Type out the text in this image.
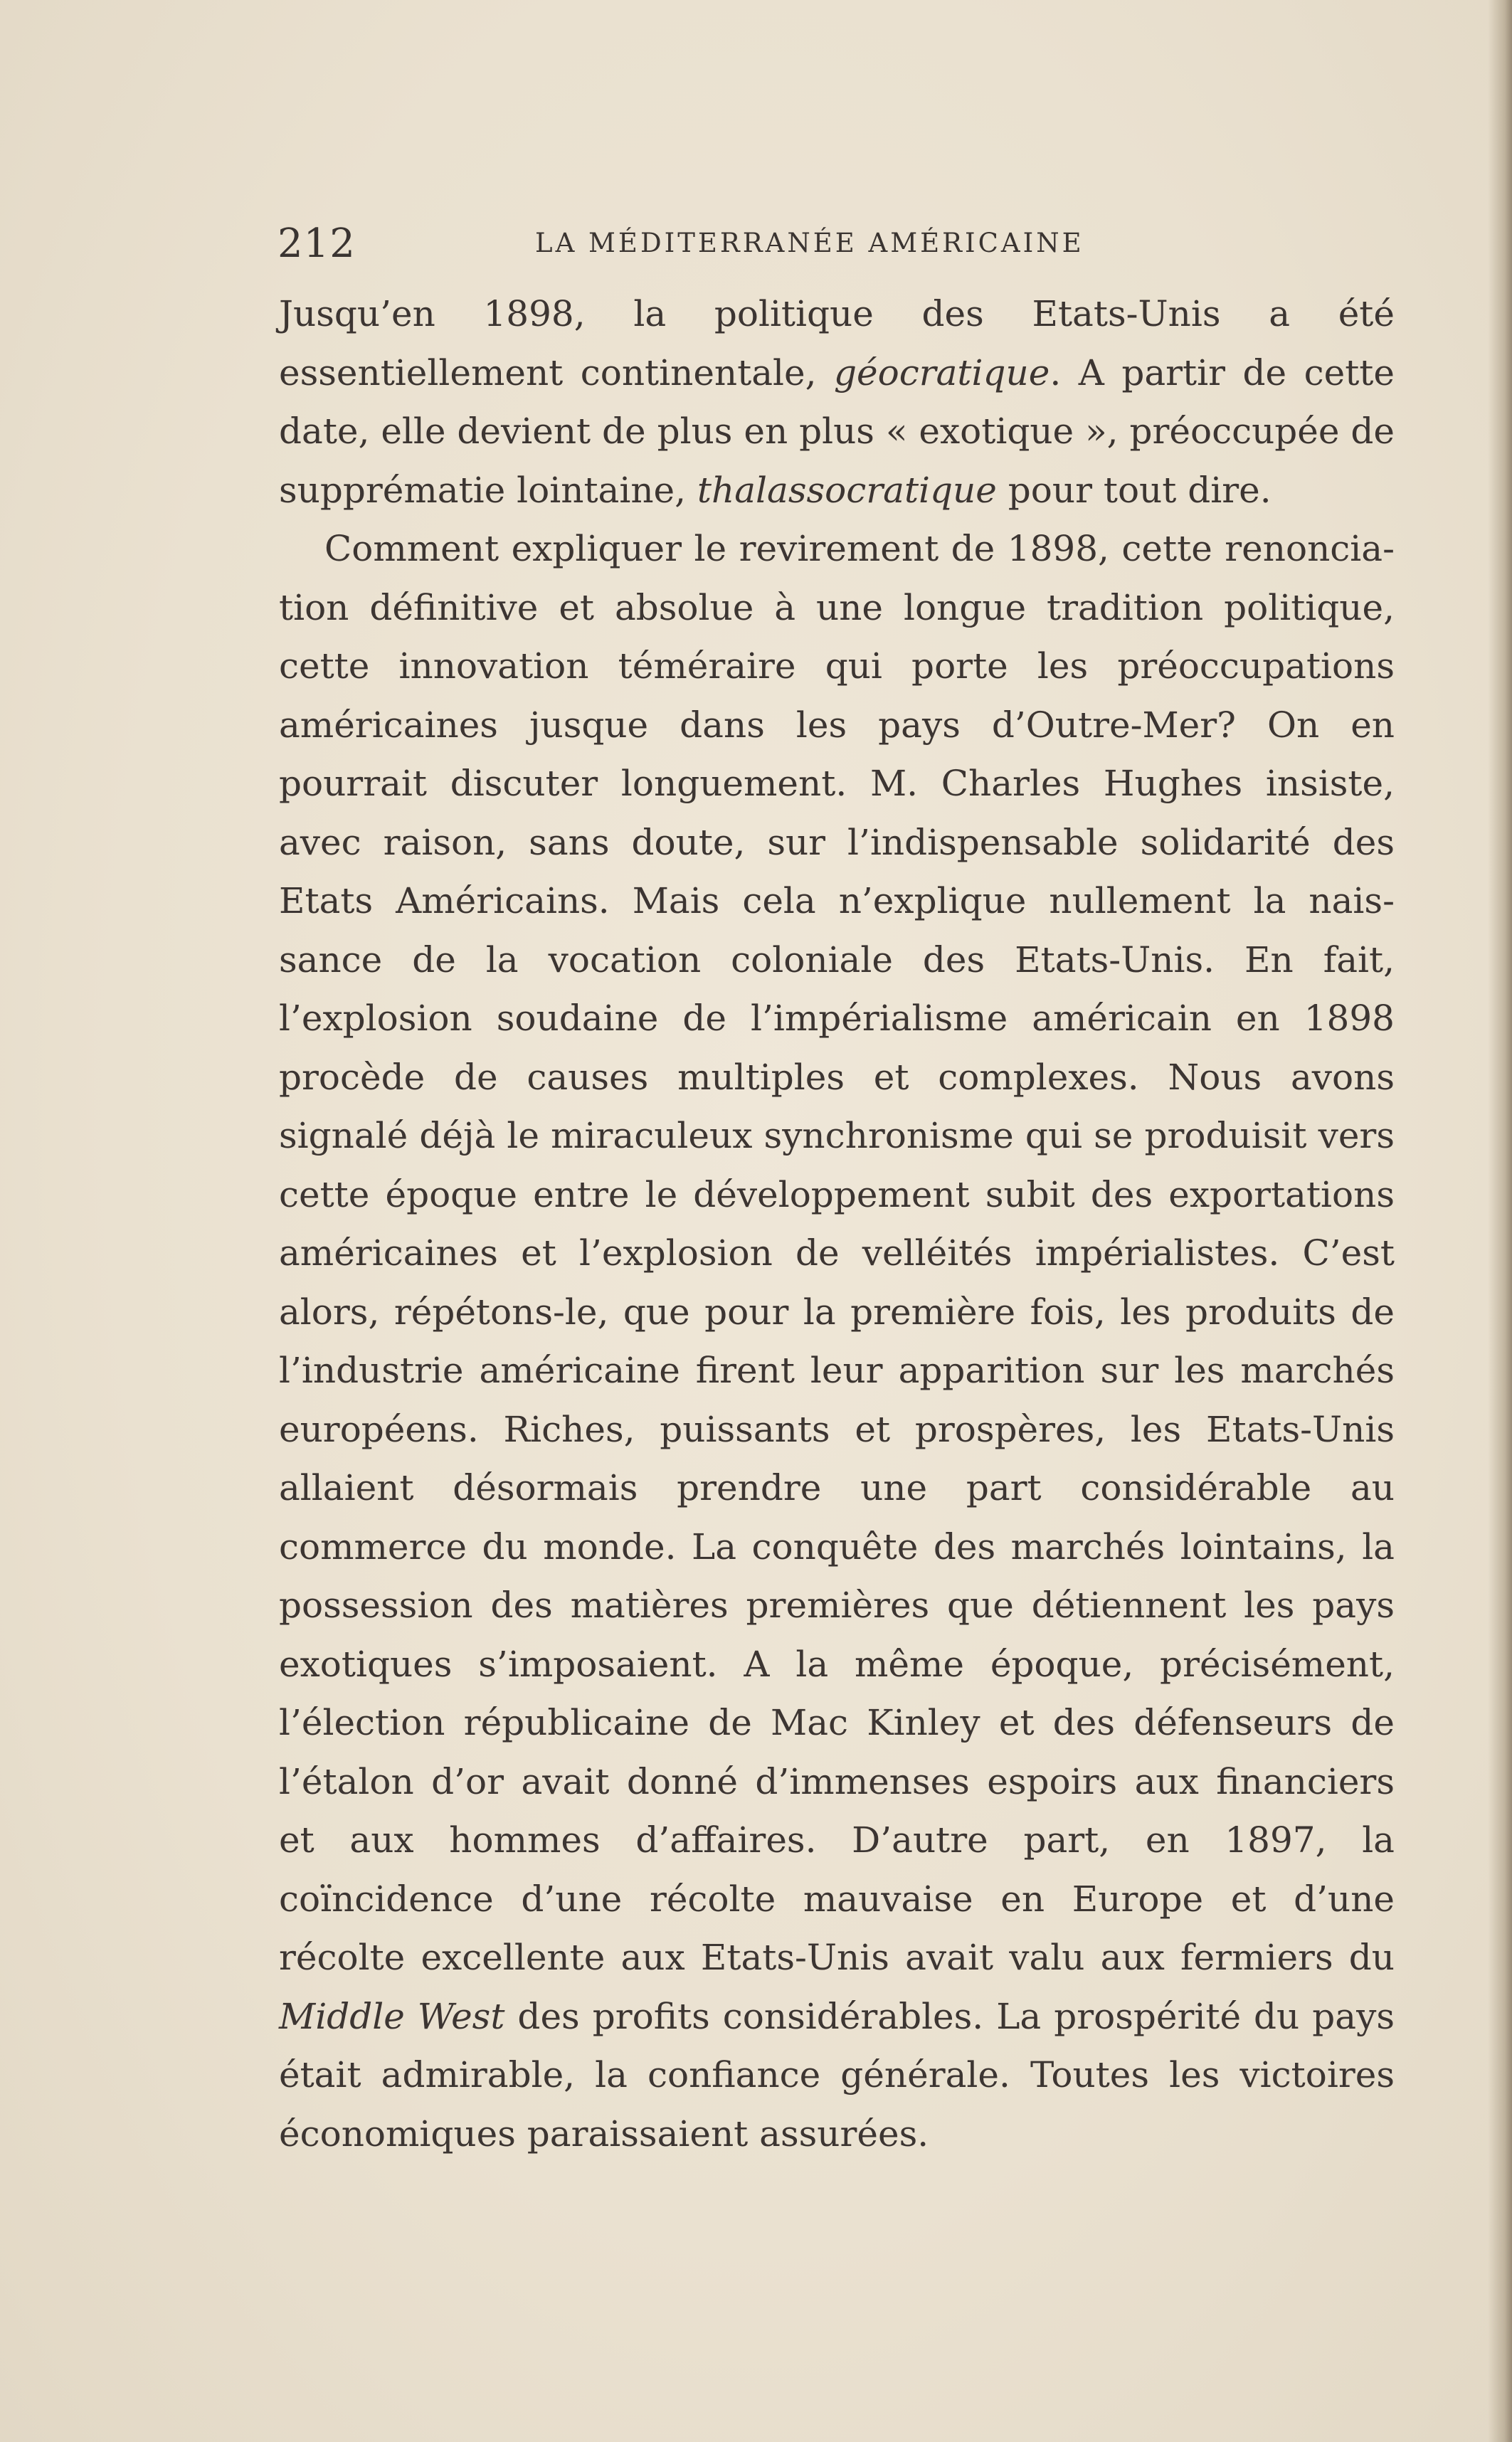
212	LA MÉDITERRANÉE AMÉRICAINE

Jusqu’en 1898, la politique des Etats-Unis a été essentiellement continentale, géocratique. A partir de cette date, elle devient de plus en plus « exotique », préoccupée de supprématie lointaine, thalassocratique pour tout dire.

Comment expliquer le revirement de 1898, cette renonciation définitive et absolue à une longue tradition politique, cette innovation téméraire qui porte les préoccupations américaines jusque dans les pays d’Outre-Mer? On en pourrait discuter longuement. M. Charles Hughes insiste, avec raison, sans doute, sur l’indispensable solidarité des Etats Américains. Mais cela n’explique nullement la naissance de la vocation coloniale des Etats-Unis. En fait, l’explosion soudaine de l’impérialisme américain en 1898 procède de causes multiples et complexes. Nous avons signalé déjà le miraculeux synchronisme qui se produisit vers cette époque entre le développement subit des exportations américaines et l’explosion de velléités impérialistes. C’est alors, répétons-le, que pour la première fois, les produits de l’industrie américaine firent leur apparition sur les marchés européens. Riches, puissants et prospères, les Etats-Unis allaient désormais prendre une part considérable au commerce du monde. La conquête des marchés lointains, la possession des matières premières que détiennent les pays exotiques s’imposaient. A la même époque, précisément, l’élection républicaine de Mac Kinley et des défenseurs de l’étalon d’or avait donné d’immenses espoirs aux financiers et aux hommes d’affaires. D’autre part, en 1897, la coïncidence d’une récolte mauvaise en Europe et d’une récolte excellente aux Etats-Unis avait valu aux fermiers du Middle West des profits considérables. La prospérité du pays était admirable, la confiance générale. Toutes les victoires économiques paraissaient assurées.
